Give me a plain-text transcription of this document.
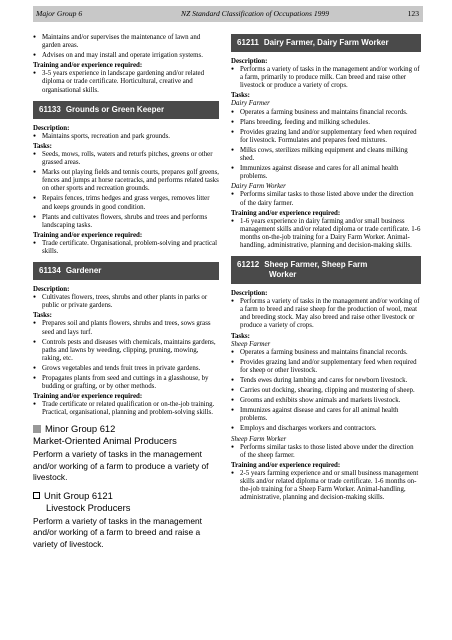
Major Group 6	NZ Standard Classification of Occupations 1999	123
● Maintains and/or supervises the maintenance of lawn and garden areas.
● Advises on and may install and operate irrigation systems.
Training and/or experience required:
● 3-5 years experience in landscape gardening and/or related diploma or trade certificate. Horticultural, creative and organisational skills.
61133 Grounds or Green Keeper
Description:
● Maintains sports, recreation and park grounds.
Tasks:
● Seeds, mows, rolls, waters and returfs pitches, greens or other grassed areas.
● Marks out playing fields and tennis courts, prepares golf greens, fences and jumps at horse racetracks, and performs related tasks on other sports and recreation grounds.
● Repairs fences, trims hedges and grass verges, removes litter and keeps grounds in good condition.
● Plants and cultivates flowers, shrubs and trees and performs landscaping tasks.
Training and/or experience required:
● Trade certificate. Organisational, problem-solving and practical skills.
61134 Gardener
Description:
● Cultivates flowers, trees, shrubs and other plants in parks or public or private gardens.
Tasks:
● Prepares soil and plants flowers, shrubs and trees, sows grass seed and lays turf.
● Controls pests and diseases with chemicals, maintains gardens, paths and lawns by weeding, clipping, pruning, mowing, raking, etc.
● Grows vegetables and tends fruit trees in private gardens.
● Propagates plants from seed and cuttings in a glasshouse, by budding or grafting, or by other methods.
Training and/or experience required:
● Trade certificate or related qualification or on-the-job training. Practical, organisational, planning and problem-solving skills.
Minor Group 612
Market-Oriented Animal Producers
Perform a variety of tasks in the management and/or working of a farm to produce a variety of livestock.
Unit Group 6121
Livestock Producers
Perform a variety of tasks in the management and/or working of a farm to breed and raise a variety of livestock.
61211 Dairy Farmer, Dairy Farm Worker
Description:
● Performs a variety of tasks in the management and/or working of a farm, primarily to produce milk. Can breed and raise other livestock or produce a variety of crops.
Tasks:
Dairy Farmer
● Operates a farming business and maintains financial records.
● Plans breeding, feeding and milking schedules.
● Provides grazing land and/or supplementary feed when required for livestock. Formulates and prepares feed mixtures.
● Milks cows, sterilizes milking equipment and cleans milking shed.
● Immunizes against disease and cares for all animal health problems.
Dairy Farm Worker
● Performs similar tasks to those listed above under the direction of the dairy farmer.
Training and/or experience required:
● 1-6 years experience in dairy farming and/or small business management skills and/or related diploma or trade certificate. 1-6 months on-the-job training for a Dairy Farm Worker. Animal-handling, administrative, planning and decision-making skills.
61212 Sheep Farmer, Sheep Farm
Worker
Description:
● Performs a variety of tasks in the management and/or working of a farm to breed and raise sheep for the production of wool, meat and breeding stock. May also breed and raise other livestock or produce a variety of crops.
Tasks:
Sheep Farmer
● Operates a farming business and maintains financial records.
● Provides grazing land and/or supplementary feed when required for sheep or other livestock.
● Tends ewes during lambing and cares for newborn livestock.
● Carries out docking, shearing, clipping and mustering of sheep.
● Grooms and exhibits show animals and markets livestock.
● Immunizes against disease and cares for all animal health problems.
● Employs and discharges workers and contractors.
Sheep Farm Worker
● Performs similar tasks to those listed above under the direction of the sheep farmer.
Training and/or experience required:
● 2-5 years farming experience and or small business management skills and/or related diploma or trade certificate. 1-6 months on-the-job training for a Sheep Farm Worker. Animal-handling, administrative, planning and decision-making skills.
